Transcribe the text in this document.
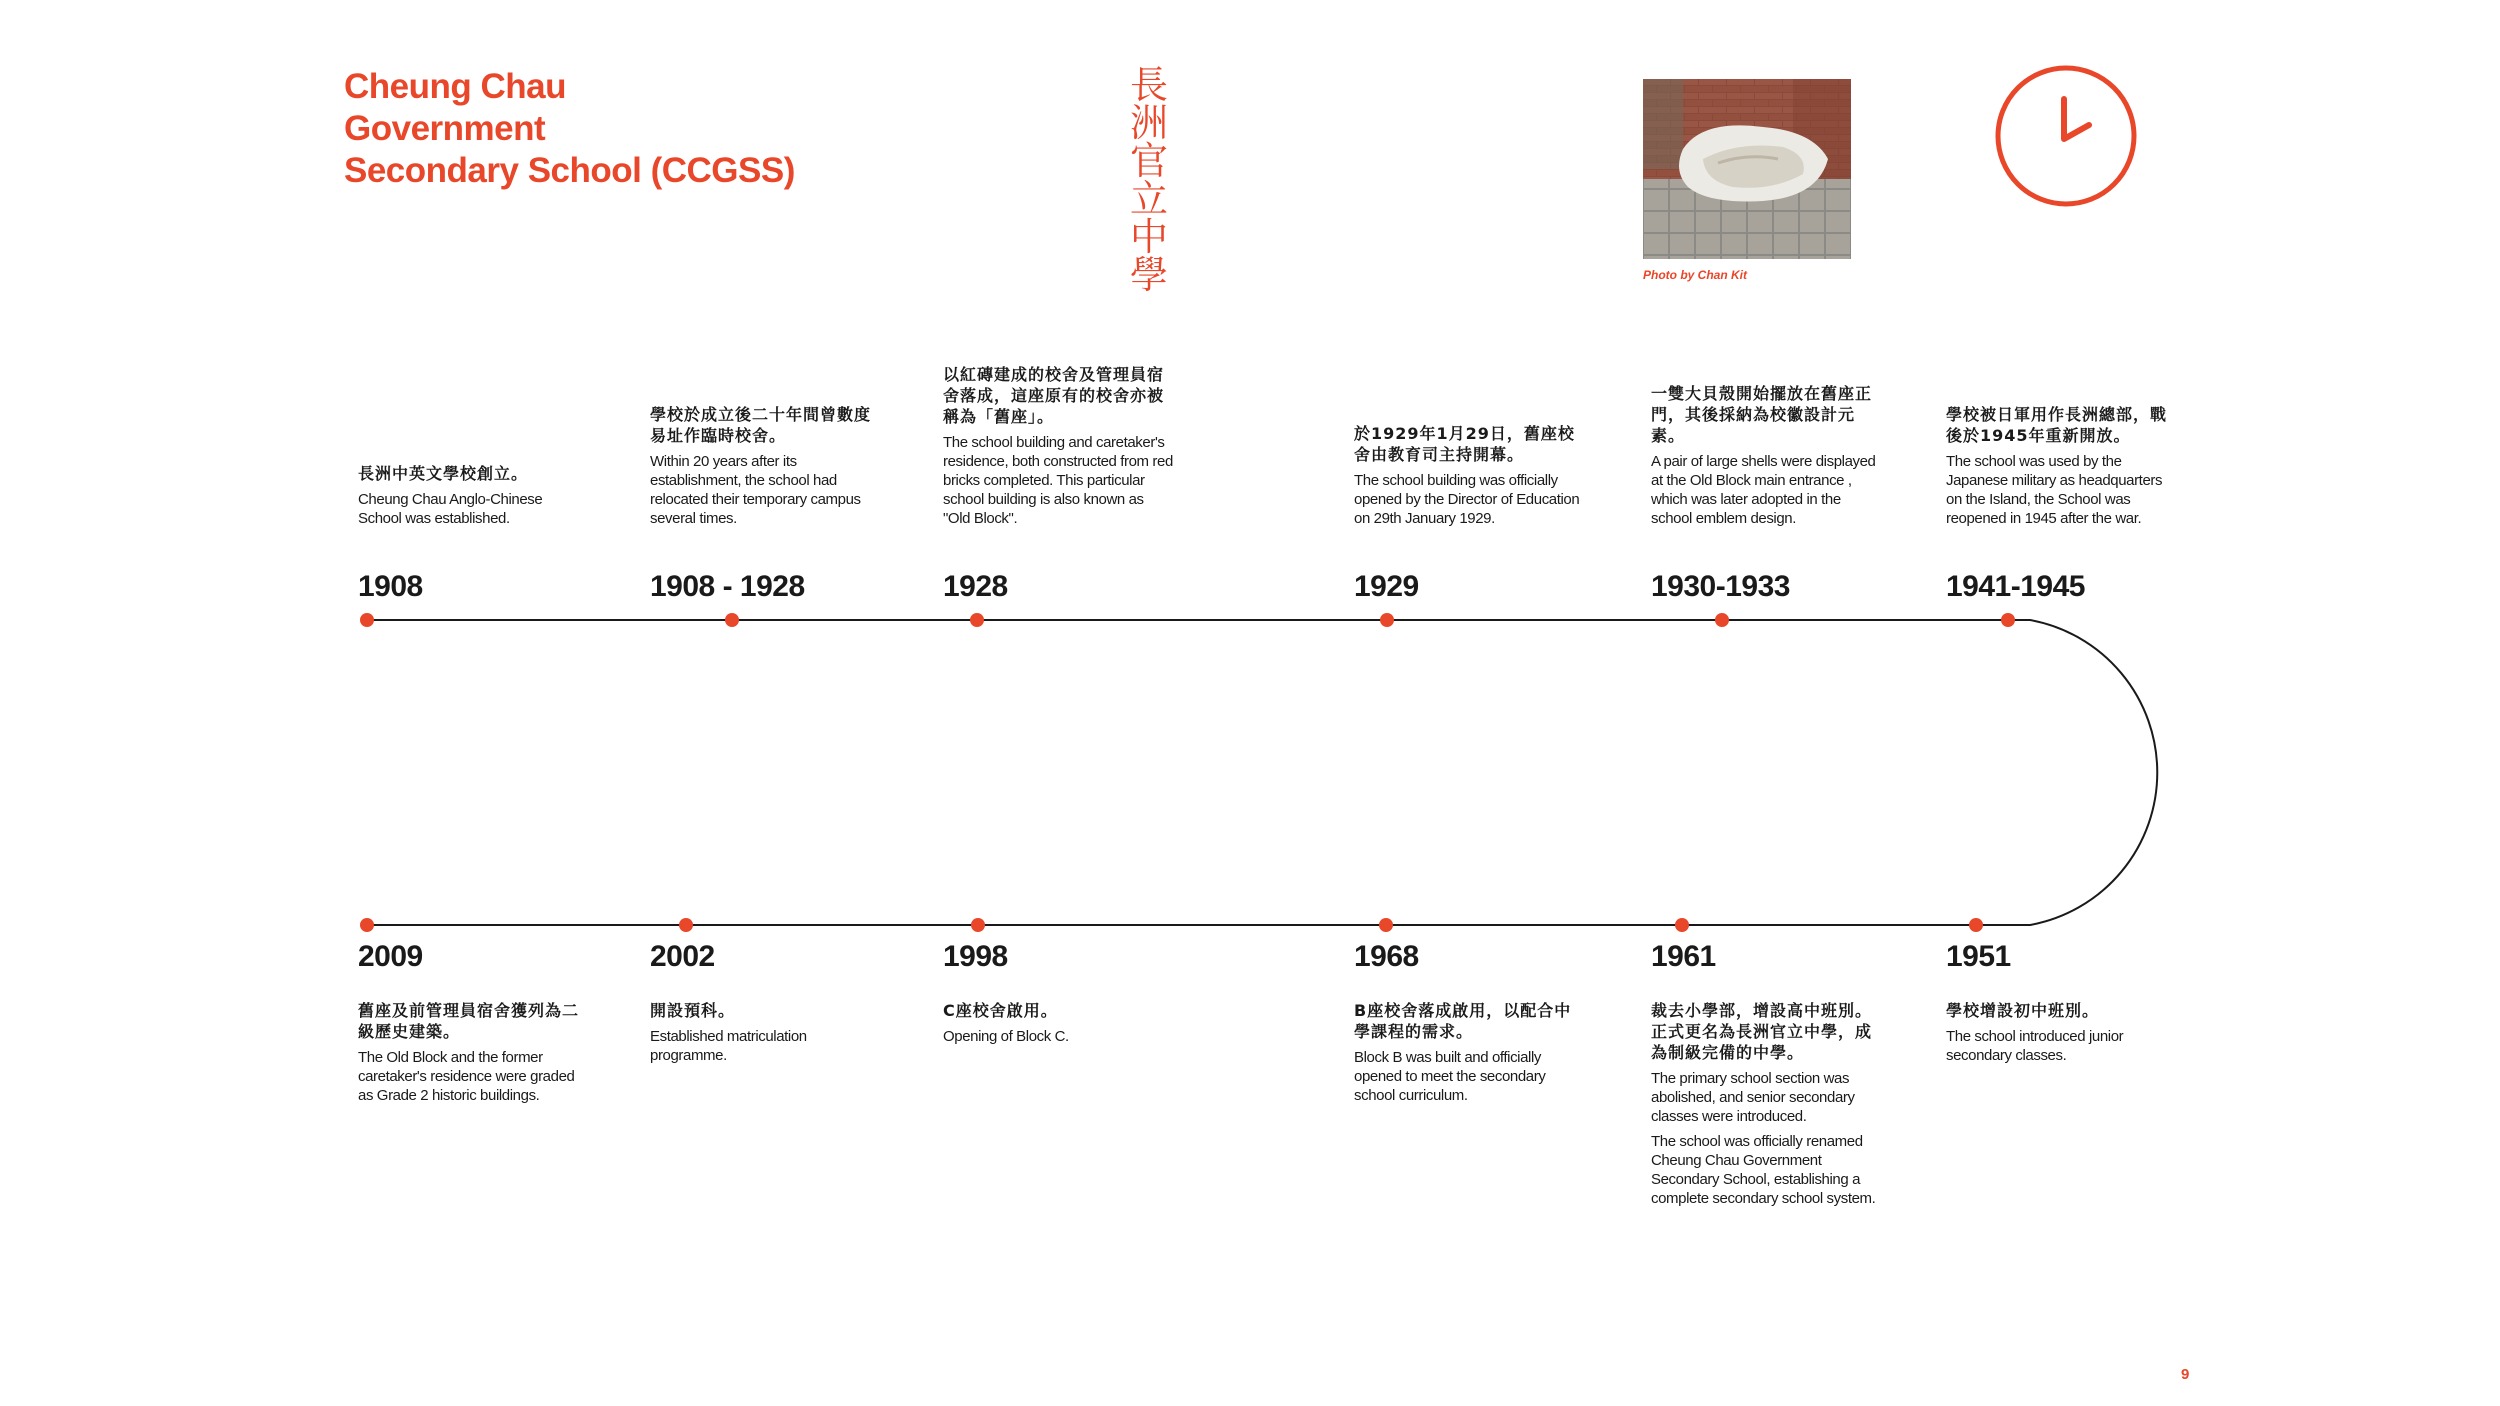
Cheung Chau
Government
Secondary School (CCGSS)
長
洲
官
立
中
學	Photo by Chan Kit
1908	1908 - 1928	1928	1929	1930-1933	1941-1945

長洲中英文學校創立。

Cheung Chau Anglo-Chinese School was established.

學校於成立後二十年間曾數度易址作臨時校舍。

Within 20 years after its establishment, the school had relocated their temporary campus several times.

以紅磚建成的校舍及管理員宿舍落成，這座原有的校舍亦被稱為「舊座」。

The school building and caretaker's residence, both constructed from red bricks completed. This particular school building is also known as "Old Block".

於1929年1月29日，舊座校舍由教育司主持開幕。

The school building was officially opened by the Director of Education on 29th January 1929.

一雙大貝殼開始擺放在舊座正門，其後採納為校徽設計元素。

A pair of large shells were displayed at the Old Block main entrance , which was later adopted in the school emblem design.

學校被日軍用作長洲總部，戰後於1945年重新開放。

The school was used by the Japanese military as headquarters on the Island, the School was reopened in 1945 after the war.

2009	2002	1998	1968	1961	1951

舊座及前管理員宿舍獲列為二級歷史建築。

The Old Block and the former caretaker's residence were graded as Grade 2 historic buildings.

開設預科。

Established matriculation programme.

C座校舍啟用。

Opening of Block C.

B座校舍落成啟用，以配合中學課程的需求。

Block B was built and officially opened to meet the secondary school curriculum.

裁去小學部，增設高中班別。正式更名為長洲官立中學，成為制級完備的中學。

The primary school section was abolished, and senior secondary classes were introduced.

The school was officially renamed Cheung Chau Government Secondary School, establishing a complete secondary school system.

學校增設初中班別。

The school introduced junior secondary classes.

9
